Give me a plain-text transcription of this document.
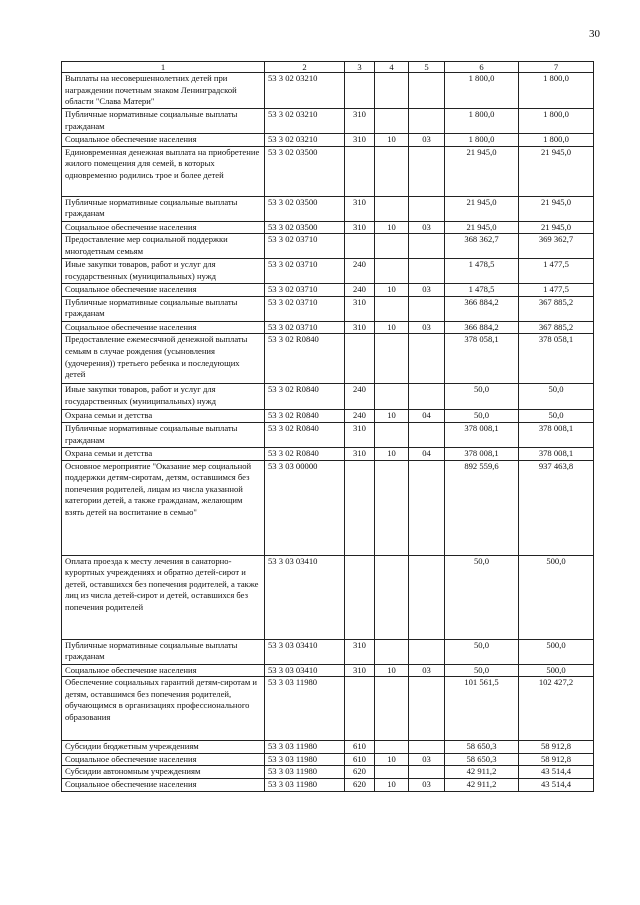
30
1	2	3	4	5	6	7
Выплаты на несовершеннолетних детей при награждении почетным знаком Ленинградской области "Слава Матери"	53 3 02 03210				1 800,0	1 800,0
Публичные нормативные социальные выплаты гражданам	53 3 02 03210	310			1 800,0	1 800,0
Социальное обеспечение населения	53 3 02 03210	310	10	03	1 800,0	1 800,0
Единовременная денежная выплата на приобретение жилого помещения для семей, в которых одновременно родились трое и более детей	53 3 02 03500				21 945,0	21 945,0
Публичные нормативные социальные выплаты гражданам	53 3 02 03500	310			21 945,0	21 945,0
Социальное обеспечение населения	53 3 02 03500	310	10	03	21 945,0	21 945,0
Предоставление мер социальной поддержки многодетным семьям	53 3 02 03710				368 362,7	369 362,7
Иные закупки товаров, работ и услуг для государственных (муниципальных) нужд	53 3 02 03710	240			1 478,5	1 477,5
Социальное обеспечение населения	53 3 02 03710	240	10	03	1 478,5	1 477,5
Публичные нормативные социальные выплаты гражданам	53 3 02 03710	310			366 884,2	367 885,2
Социальное обеспечение населения	53 3 02 03710	310	10	03	366 884,2	367 885,2
Предоставление ежемесячной денежной выплаты семьям в случае рождения (усыновления (удочерения)) третьего ребенка и последующих детей	53 3 02 R0840				378 058,1	378 058,1
Иные закупки товаров, работ и услуг для государственных (муниципальных) нужд	53 3 02 R0840	240			50,0	50,0
Охрана семьи и детства	53 3 02 R0840	240	10	04	50,0	50,0
Публичные нормативные социальные выплаты гражданам	53 3 02 R0840	310			378 008,1	378 008,1
Охрана семьи и детства	53 3 02 R0840	310	10	04	378 008,1	378 008,1
Основное мероприятие "Оказание мер социальной поддержки детям-сиротам, детям, оставшимся без попечения родителей, лицам из числа указанной категории детей, а также гражданам, желающим взять детей на воспитание в семью"	53 3 03 00000				892 559,6	937 463,8
Оплата проезда к месту лечения в санаторно-курортных учреждениях и обратно детей-сирот и детей, оставшихся без попечения родителей, а также лиц из числа детей-сирот и детей, оставшихся без попечения родителей	53 3 03 03410				50,0	500,0
Публичные нормативные социальные выплаты гражданам	53 3 03 03410	310			50,0	500,0
Социальное обеспечение населения	53 3 03 03410	310	10	03	50,0	500,0
Обеспечение социальных гарантий детям-сиротам и детям, оставшимся без попечения родителей, обучающимся в организациях профессионального образования	53 3 03 11980				101 561,5	102 427,2
Субсидии бюджетным учреждениям	53 3 03 11980	610			58 650,3	58 912,8
Социальное обеспечение населения	53 3 03 11980	610	10	03	58 650,3	58 912,8
Субсидии автономным учреждениям	53 3 03 11980	620			42 911,2	43 514,4
Социальное обеспечение населения	53 3 03 11980	620	10	03	42 911,2	43 514,4
